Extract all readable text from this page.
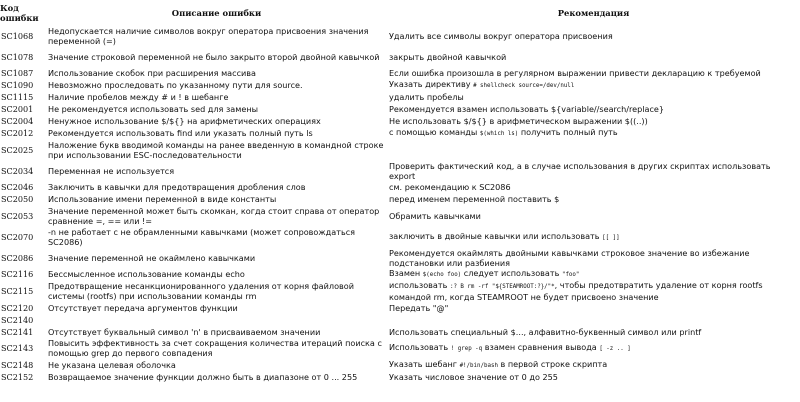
Код ошибки	Описание ошибки	Рекомендация
SC1068	Недопускается наличие символов вокруг оператора присвоения значения переменной (=)	Удалить все символы вокруг оператора присвоения
SC1078	Значение строковой переменной не было закрыто второй двойной кавычкой	закрыть двойной кавычкой
SC1087	Использование скобок при расширения массива	Если ошибка произошла в регулярном выражении привести декларацию к требуемой
SC1090	Невозможно проследовать по указанному пути для source.	Указать директиву # shellcheck source=/dev/null
SC1115	Наличие пробелов между # и ! в шебанге	удалить пробелы
SC2001	Не рекомендуется использовать sed для замены	Рекомендуется взамен использовать ${variable//search/replace}
SC2004	Ненужное использование $/${} на арифметических операциях	Не использовать $/${} в арифметическом выражении $((..))
SC2012	Рекомендуется использовать find или указать полный путь ls	с помощью команды $(which ls) получить полный путь
SC2025	Наложение букв вводимой команды на ранее введенную в командной строке при использовании ESC-последовательности	
SC2034	Переменная не используется	Проверить фактический код, а в случае использования в других скриптах использовать export
SC2046	Заключить в кавычки для предотвращения дробления слов	см. рекомендацию к SC2086
SC2050	Использование имени переменной в виде константы	перед именем переменной поставить $
SC2053	Значение переменной может быть скомкан, когда стоит справа от оператор сравнение =, == или !=	Обрамить кавычками
SC2070	-n не работает с не обрамленными кавычками (может сопровождаться SC2086)	заключить в двойные кавычки или использовать [[ ]]
SC2086	Значение переменной не окаймлено кавычками	Рекомендуется окаймлять двойными кавычками строковое значение во избежание подстановки или разбиения
SC2116	Бессмысленное использование команды echo	Взамен $(echo foo) следует использовать "foo"
SC2115	Предотвращение несанкционированного удаления от корня файловой системы (rootfs) при использовании команды rm	использовать :? В rm -rf "${STEAMROOT:?}/"*, чтобы предотвратить удаление от корня rootfs командой rm, когда STEAMROOT не будет присвоено значение
SC2120	Отсутствует передача аргументов функции	Передать "@"
SC2140		
SC2141	Отсутствует буквальный символ 'n' в присваиваемом значении	Использовать специальный $..., алфавитно-буквенный символ или printf
SC2143	Повысить эффективность за счет сокращения количества итераций поиска с помощью grep до первого совпадения	Использовать ! grep -q взамен сравнения вывода [ -z .. ]
SC2148	Не указана целевая оболочка	Указать шебанг #!/bin/bash в первой строке скрипта
SC2152	Возвращаемое значение функции должно быть в диапазоне от 0 ... 255	Указать числовое значение от 0 до 255
